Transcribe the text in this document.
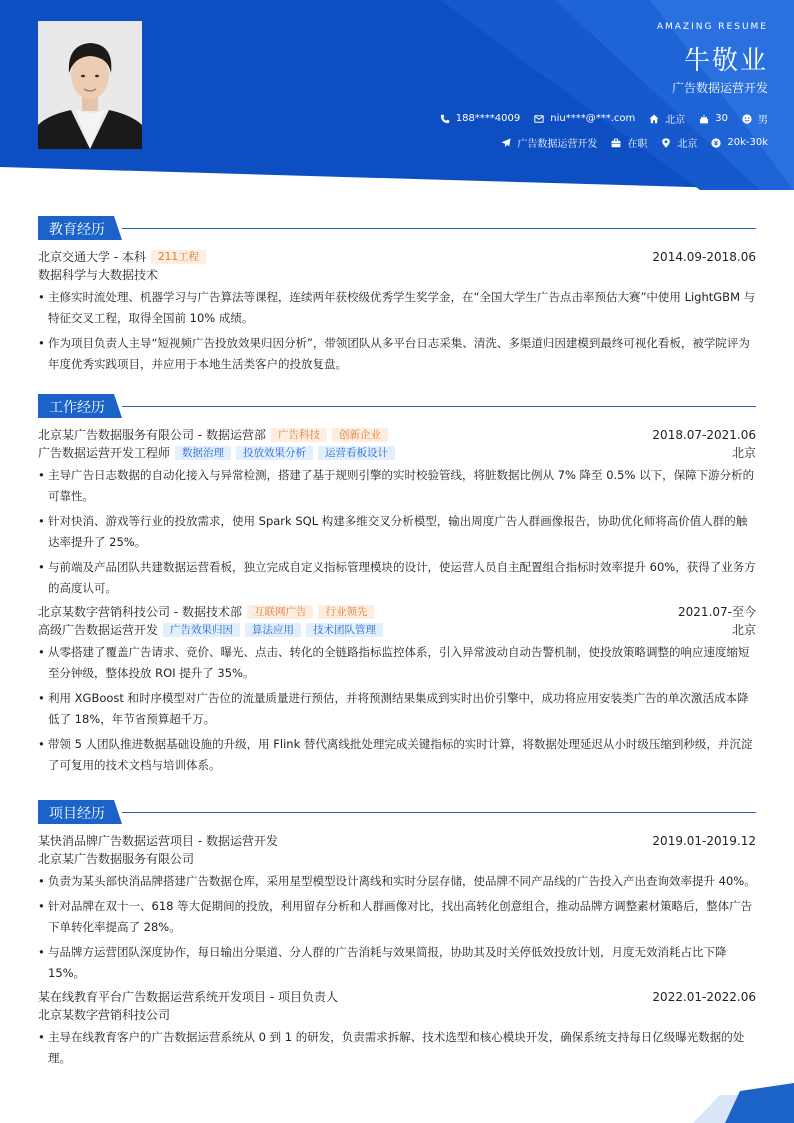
AMAZING RESUME
牛敬业
广告数据运营开发
188****4009	niu****@***.com	北京	30	男
广告数据运营开发	在职	北京	20k-30k
教育经历
北京交通大学 - 本科	211工程	2014.09-2018.06
数据科学与大数据技术
• 主修实时流处理、机器学习与广告算法等课程，连续两年获校级优秀学生奖学金，在“全国大学生广告点击率预估大赛”中使用 LightGBM 与特征交叉工程，取得全国前 10% 成绩。
• 作为项目负责人主导“短视频广告投放效果归因分析”，带领团队从多平台日志采集、清洗、多渠道归因建模到最终可视化看板，被学院评为年度优秀实践项目，并应用于本地生活类客户的投放复盘。
工作经历
北京某广告数据服务有限公司 - 数据运营部	广告科技	创新企业	2018.07-2021.06
广告数据运营开发工程师	数据治理	投放效果分析	运营看板设计	北京
• 主导广告日志数据的自动化接入与异常检测，搭建了基于规则引擎的实时校验管线，将脏数据比例从 7% 降至 0.5% 以下，保障下游分析的可靠性。
• 针对快消、游戏等行业的投放需求，使用 Spark SQL 构建多维交叉分析模型，输出周度广告人群画像报告，协助优化师将高价值人群的触达率提升了 25%。
• 与前端及产品团队共建数据运营看板，独立完成自定义指标管理模块的设计，使运营人员自主配置组合指标时效率提升 60%，获得了业务方的高度认可。
北京某数字营销科技公司 - 数据技术部	互联网广告	行业领先	2021.07-至今
高级广告数据运营开发	广告效果归因	算法应用	技术团队管理	北京
• 从零搭建了覆盖广告请求、竞价、曝光、点击、转化的全链路指标监控体系，引入异常波动自动告警机制，使投放策略调整的响应速度缩短至分钟级，整体投放 ROI 提升了 35%。
• 利用 XGBoost 和时序模型对广告位的流量质量进行预估，并将预测结果集成到实时出价引擎中，成功将应用安装类广告的单次激活成本降低了 18%，年节省预算超千万。
• 带领 5 人团队推进数据基础设施的升级，用 Flink 替代离线批处理完成关键指标的实时计算，将数据处理延迟从小时级压缩到秒级，并沉淀了可复用的技术文档与培训体系。
项目经历
某快消品牌广告数据运营项目 - 数据运营开发	2019.01-2019.12
北京某广告数据服务有限公司
• 负责为某头部快消品牌搭建广告数据仓库，采用星型模型设计离线和实时分层存储，使品牌不同产品线的广告投入产出查询效率提升 40%。
• 针对品牌在双十一、618 等大促期间的投放，利用留存分析和人群画像对比，找出高转化创意组合，推动品牌方调整素材策略后，整体广告下单转化率提高了 28%。
• 与品牌方运营团队深度协作，每日输出分渠道、分人群的广告消耗与效果简报，协助其及时关停低效投放计划，月度无效消耗占比下降 15%。
某在线教育平台广告数据运营系统开发项目 - 项目负责人	2022.01-2022.06
北京某数字营销科技公司
• 主导在线教育客户的广告数据运营系统从 0 到 1 的研发，负责需求拆解、技术选型和核心模块开发，确保系统支持每日亿级曝光数据的处理。
